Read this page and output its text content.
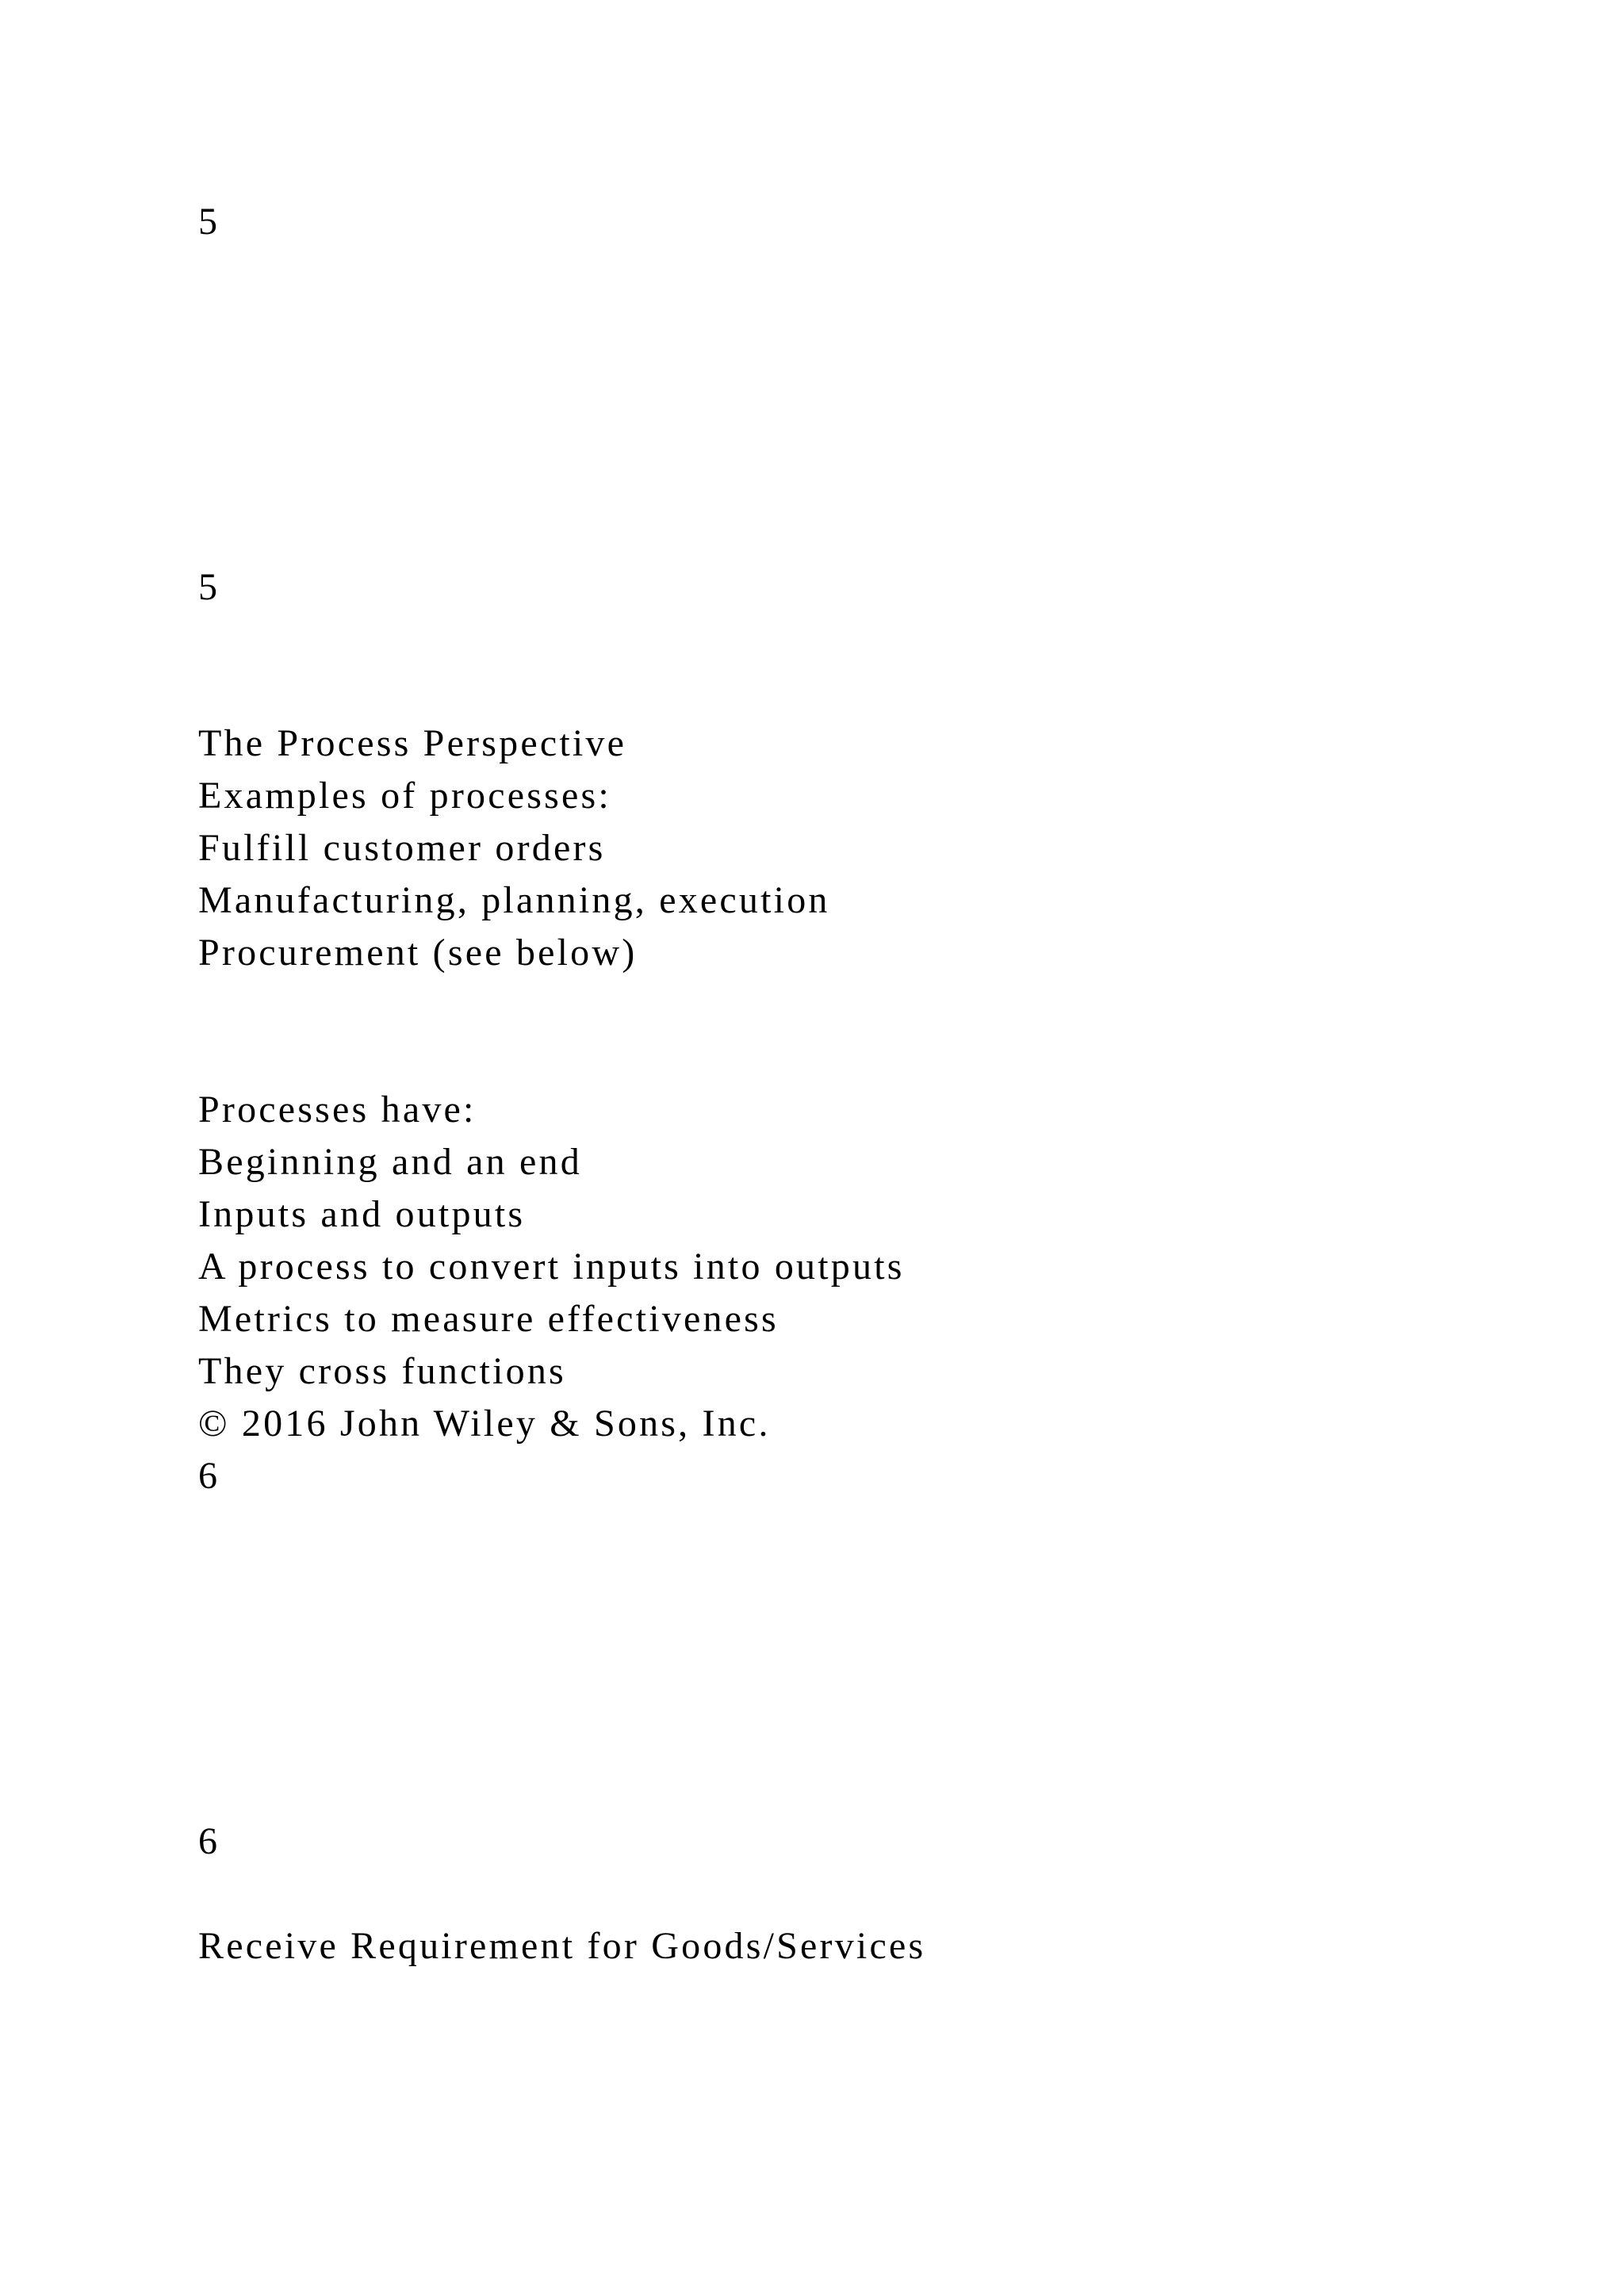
5

5

The Process Perspective

Examples of processes:

Fulfill customer orders

Manufacturing, planning, execution

Procurement (see below)

Processes have:

Beginning and an end

Inputs and outputs

A process to convert inputs into outputs

Metrics to measure effectiveness

They cross functions

© 2016 John Wiley & Sons, Inc.

6

6

Receive Requirement for Goods/Services
